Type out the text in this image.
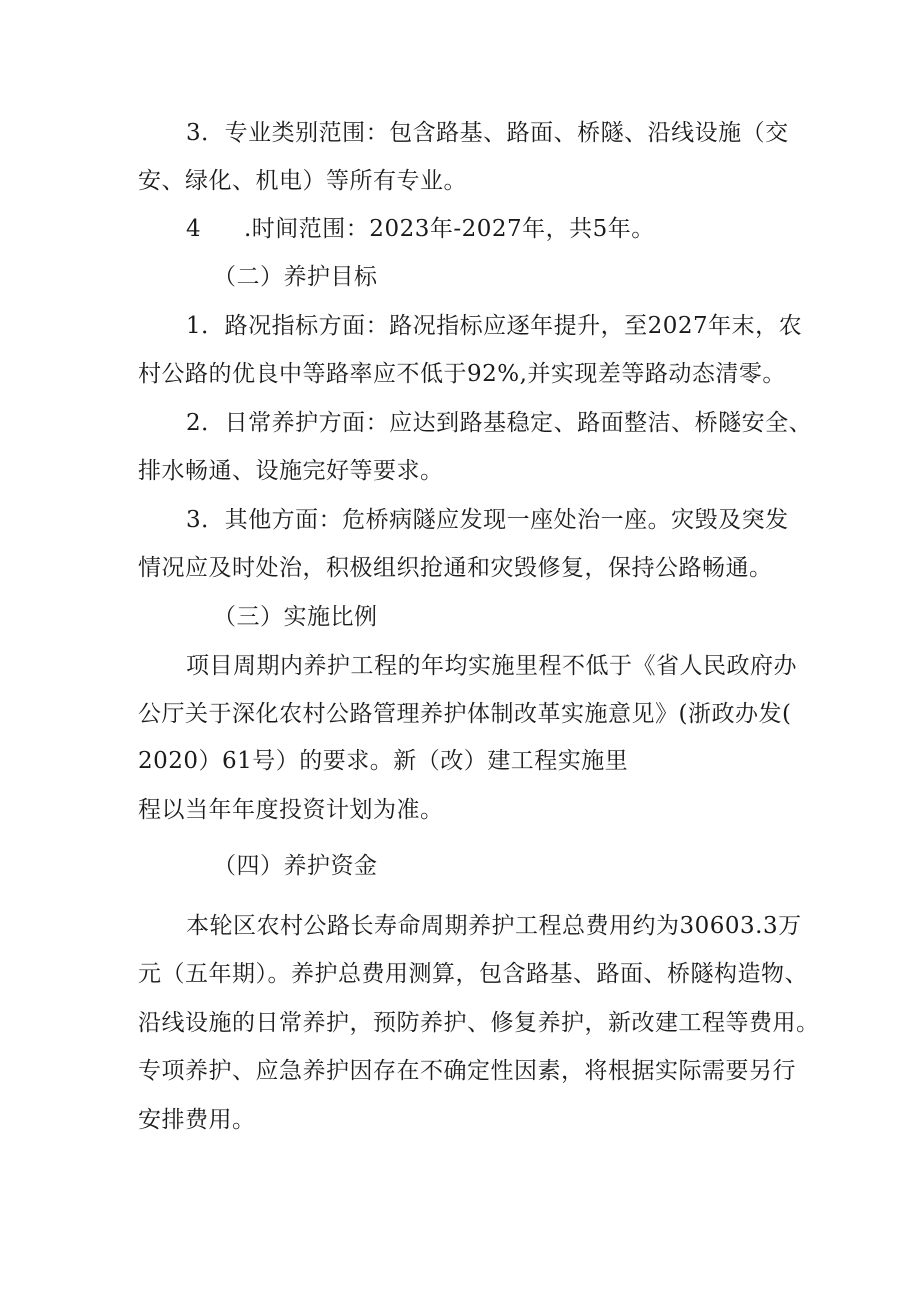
3．专业类别范围：包含路基、路面、桥隧、沿线设施（交
安、绿化、机电）等所有专业。
4 .时间范围：2023年-2027年，共5年。
（二）养护目标
1．路况指标方面：路况指标应逐年提升，至2027年末，农
村公路的优良中等路率应不低于92%,并实现差等路动态清零。
2．日常养护方面：应达到路基稳定、路面整洁、桥隧安全、
排水畅通、设施完好等要求。
3．其他方面：危桥病隧应发现一座处治一座。灾毁及突发
情况应及时处治，积极组织抢通和灾毁修复，保持公路畅通。
（三）实施比例
项目周期内养护工程的年均实施里程不低于《省人民政府办
公厅关于深化农村公路管理养护体制改革实施意见》(浙政办发(
2020）61号）的要求。新（改）建工程实施里
程以当年年度投资计划为准。
（四）养护资金
本轮区农村公路长寿命周期养护工程总费用约为30603.3万
元（五年期）。养护总费用测算，包含路基、路面、桥隧构造物、
沿线设施的日常养护，预防养护、修复养护，新改建工程等费用。
专项养护、应急养护因存在不确定性因素，将根据实际需要另行
安排费用。
